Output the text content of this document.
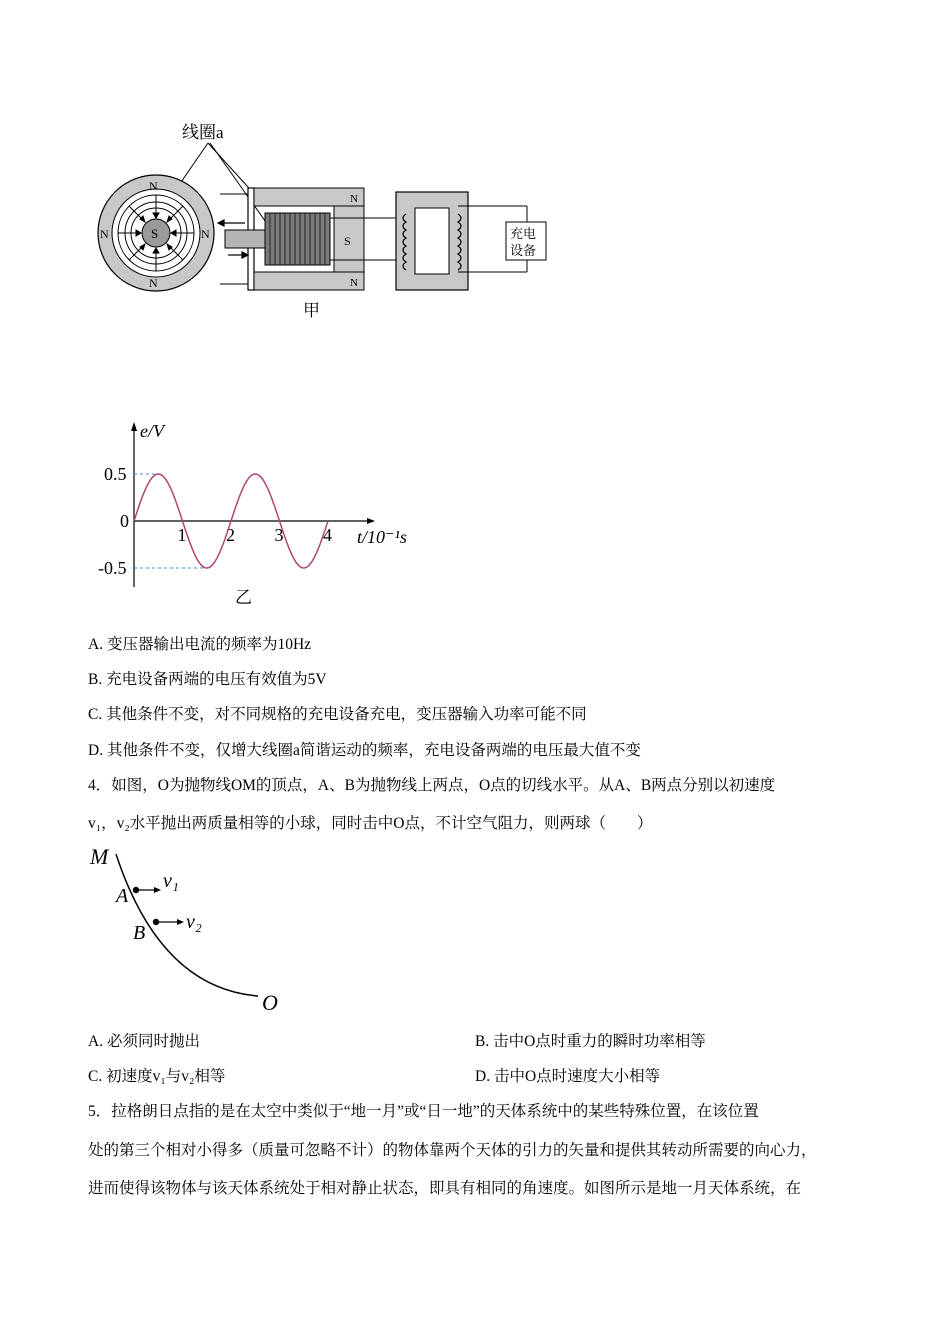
线圈a
S
N
N
N	N	S
N
N
充电
设备
甲
e/V
t/10⁻¹s
1 2 3 4
0.5
0
-0.5
乙
A. 变压器输出电流的频率为10Hz
B. 充电设备两端的电压有效值为5V
C. 其他条件不变，对不同规格的充电设备充电，变压器输入功率可能不同
D. 其他条件不变，仅增大线圈a简谐运动的频率，充电设备两端的电压最大值不变
4．如图，O为抛物线OM的顶点，A、B为抛物线上两点，O点的切线水平。从A、B两点分别以初速度
v₁，v₂水平抛出两质量相等的小球，同时击中O点，不计空气阻力，则两球（　　）
M
A
v₁
B v₂
O
A. 必须同时抛出	B. 击中O点时重力的瞬时功率相等
C. 初速度v₁与v₂相等	D. 击中O点时速度大小相等
5．拉格朗日点指的是在太空中类似于“地一月”或“日一地”的天体系统中的某些特殊位置，在该位置
处的第三个相对小得多（质量可忽略不计）的物体靠两个天体的引力的矢量和提供其转动所需要的向心力，
进而使得该物体与该天体系统处于相对静止状态，即具有相同的角速度。如图所示是地一月天体系统，在
